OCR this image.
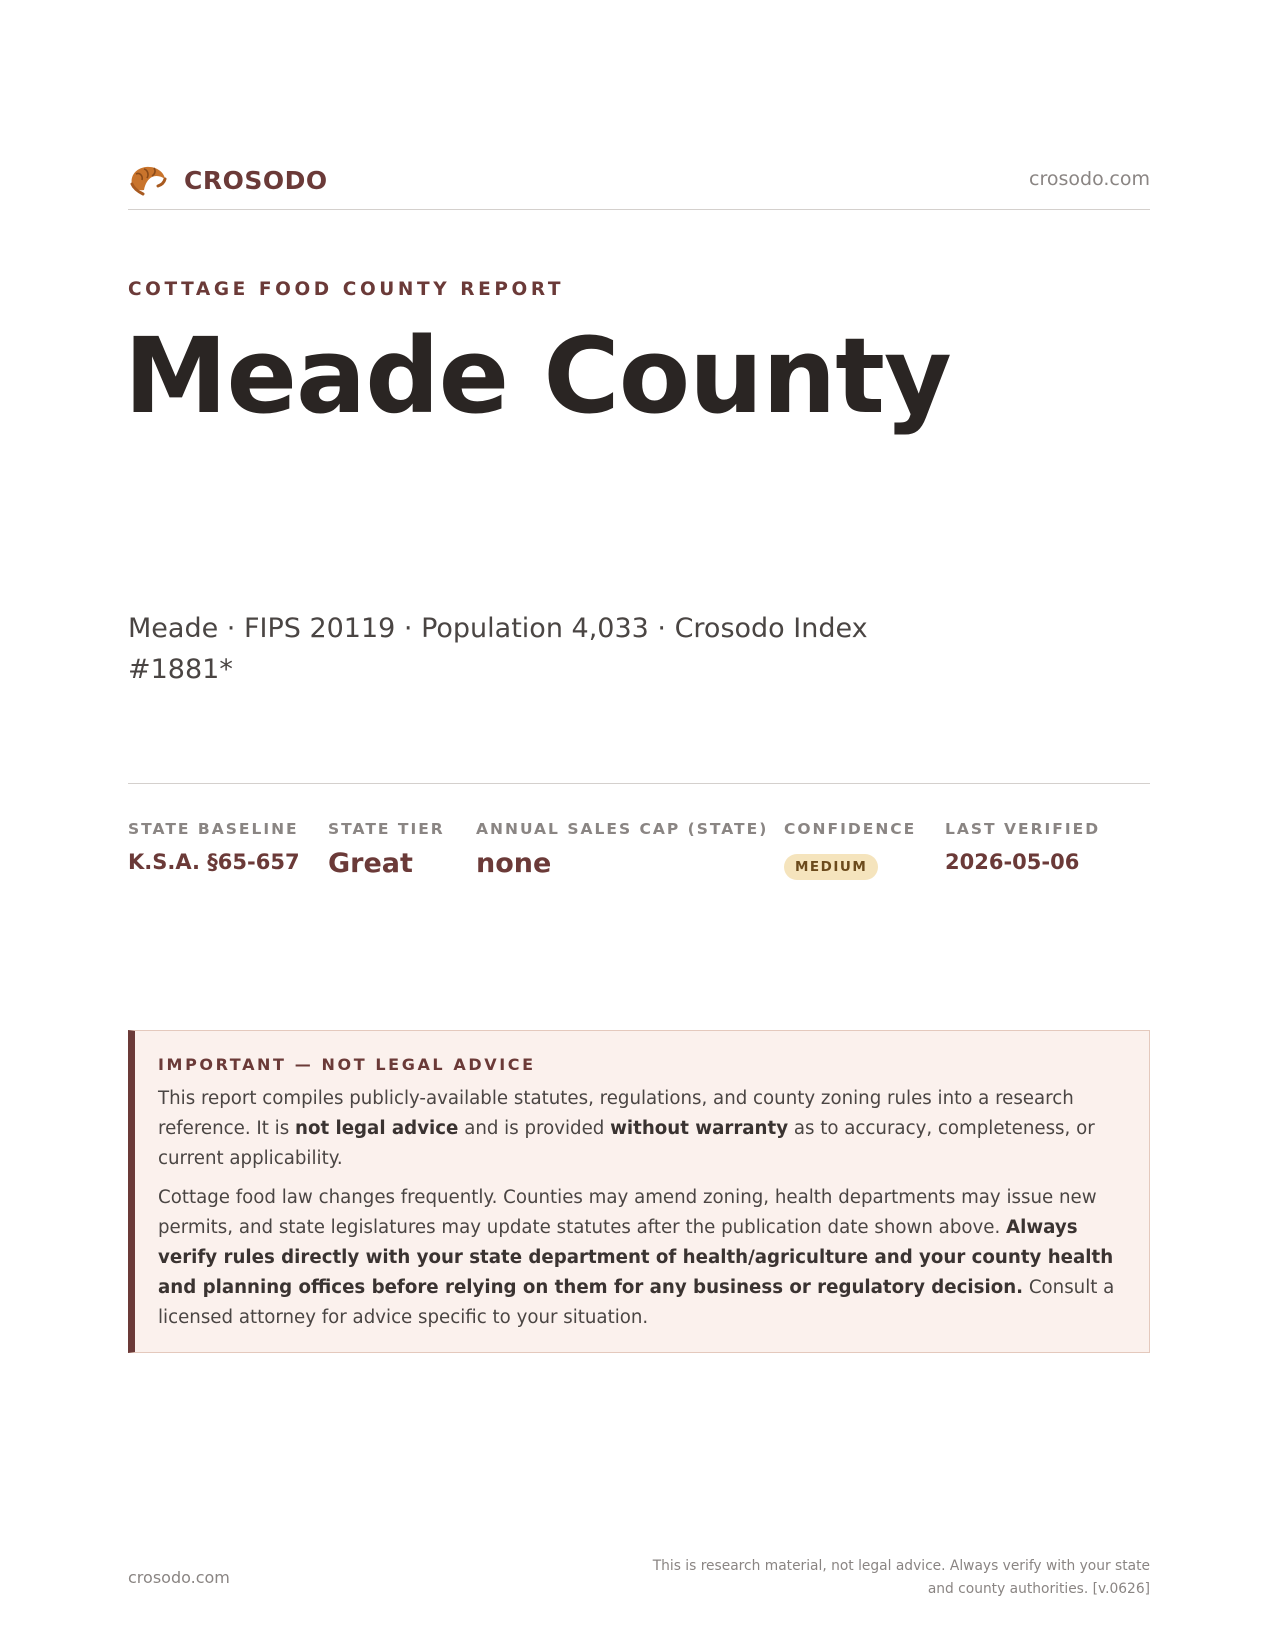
CROSODO	crosodo.com
COTTAGE FOOD COUNTY REPORT
Meade County
Meade · FIPS 20119 · Population 4,033 · Crosodo Index
#1881*
STATE BASELINE
K.S.A. §65-657
STATE TIER
Great
ANNUAL SALES CAP (STATE)
none
CONFIDENCE
MEDIUM
LAST VERIFIED
2026-05-06
IMPORTANT — NOT LEGAL ADVICE

This report compiles publicly-available statutes, regulations, and county zoning rules into a research reference. It is not legal advice and is provided without warranty as to accuracy, completeness, or current applicability.

Cottage food law changes frequently. Counties may amend zoning, health departments may issue new permits, and state legislatures may update statutes after the publication date shown above. Always verify rules directly with your state department of health/agriculture and your county health and planning offices before relying on them for any business or regulatory decision. Consult a licensed attorney for advice specific to your situation.

crosodo.com
This is research material, not legal advice. Always verify with your state
and county authorities. [v.0626]
